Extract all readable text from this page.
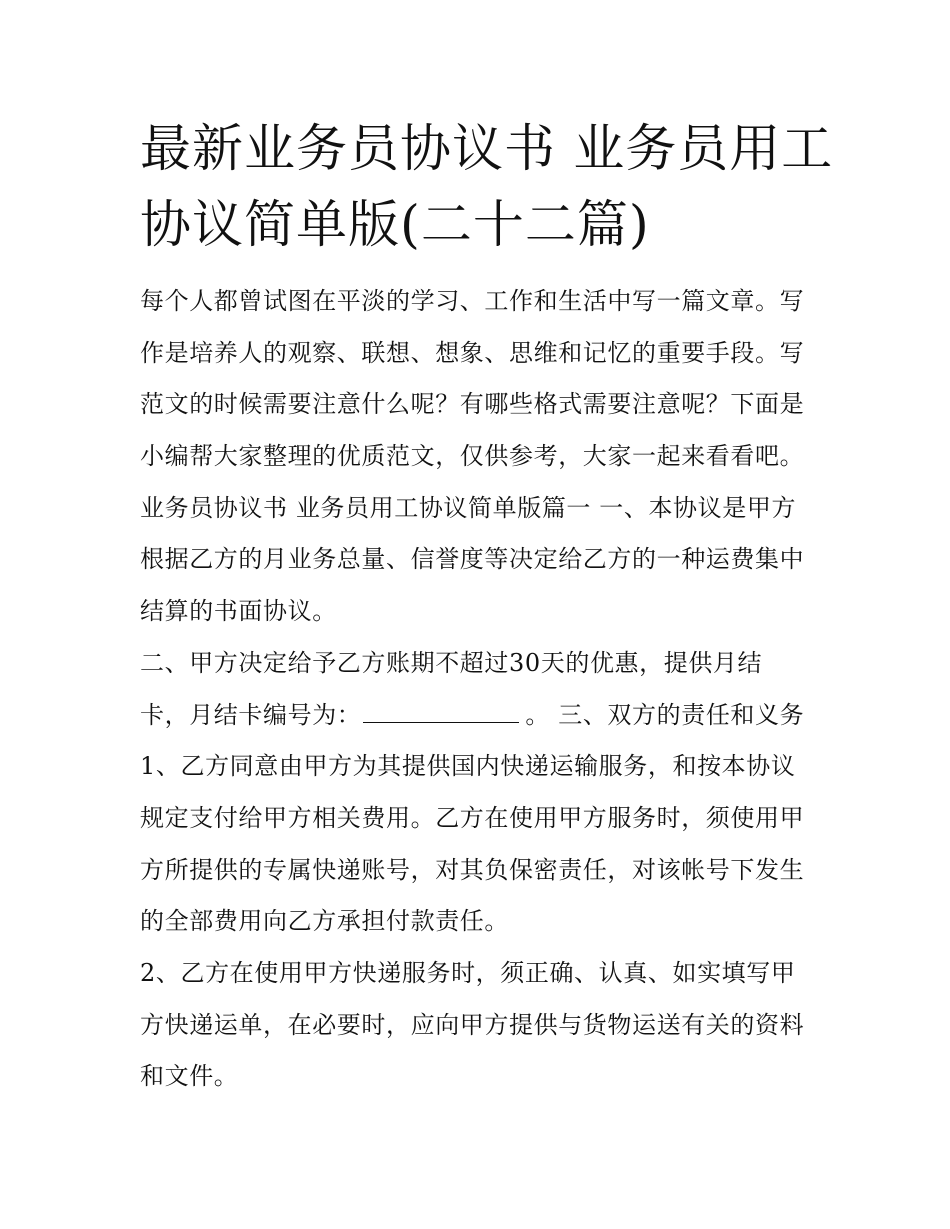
最新业务员协议书 业务员用工
协议简单版(二十二篇)
每个人都曾试图在平淡的学习、工作和生活中写一篇文章。写
作是培养人的观察、联想、想象、思维和记忆的重要手段。写
范文的时候需要注意什么呢？有哪些格式需要注意呢？下面是
小编帮大家整理的优质范文，仅供参考，大家一起来看看吧。
业务员协议书 业务员用工协议简单版篇一 一、本协议是甲方
根据乙方的月业务总量、信誉度等决定给乙方的一种运费集中
结算的书面协议。
二、甲方决定给予乙方账期不超过30天的优惠，提供月结
卡，月结卡编号为：	。 三、双方的责任和义务
1、乙方同意由甲方为其提供国内快递运输服务，和按本协议
规定支付给甲方相关费用。乙方在使用甲方服务时，须使用甲
方所提供的专属快递账号，对其负保密责任，对该帐号下发生
的全部费用向乙方承担付款责任。
2、乙方在使用甲方快递服务时，须正确、认真、如实填写甲
方快递运单，在必要时，应向甲方提供与货物运送有关的资料
和文件。
